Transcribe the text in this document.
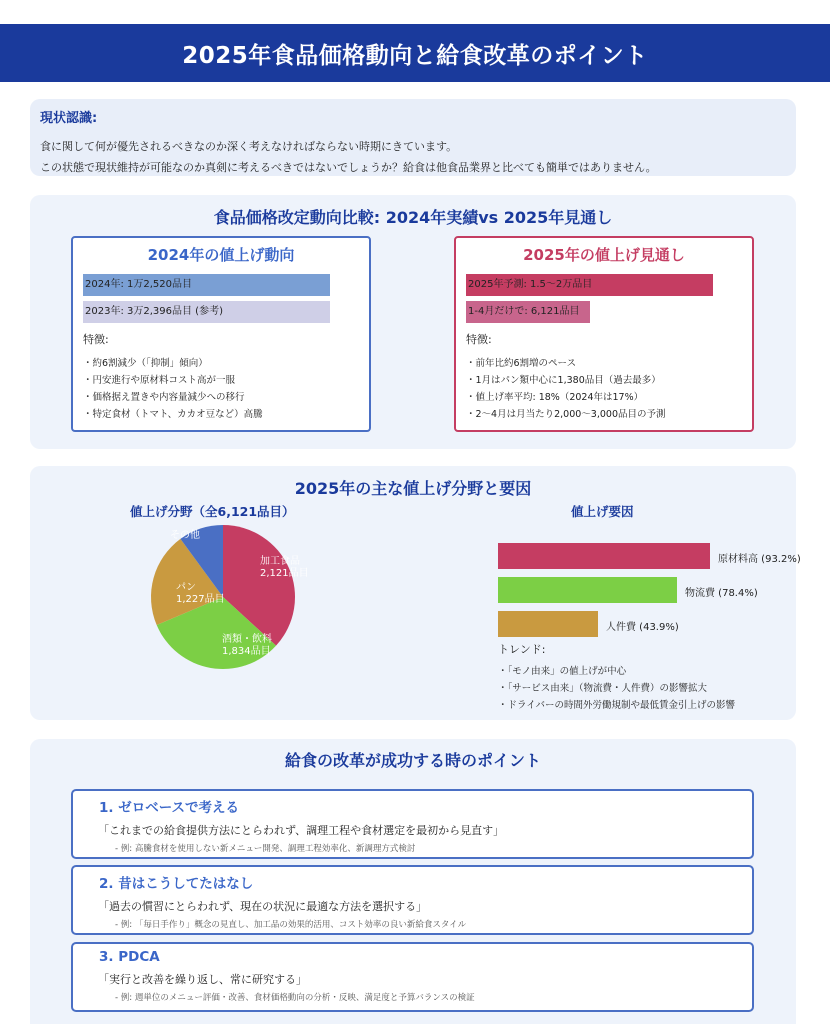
2025年食品価格動向と給食改革のポイント
現状認識:

食に関して何が優先されるべきなのか深く考えなければならない時期にきています。

この状態で現状維持が可能なのか真剣に考えるべきではないでしょうか？給食は他食品業界と比べても簡単ではありません。

食品価格改定動向比較: 2024年実績vs 2025年見通し
2024年の値上げ動向
2024年: 1万2,520品目
2023年: 3万2,396品目 (参考)
特徴:
・約6割減少（「抑制」傾向）
・円安進行や原材料コスト高が一服
・価格据え置きや内容量減少への移行
・特定食材（トマト、カカオ豆など）高騰
2025年の値上げ見通し
2025年予測: 1.5〜2万品目
1-4月だけで: 6,121品目
特徴:
・前年比約6割増のペース
・1月はパン類中心に1,380品目（過去最多）
・値上げ率平均: 18%（2024年は17%）
・2〜4月は月当たり2,000〜3,000品目の予測
2025年の主な値上げ分野と要因
値上げ分野（全6,121品目）	値上げ要因
加工食品
2,121品目
酒類・飲料
1,834品目
パン
1,227品目
その他
原材料高 (93.2%)
物流費 (78.4%)
人件費 (43.9%)
トレンド:
・「モノ由来」の値上げが中心
・「サービス由来」（物流費・人件費）の影響拡大
・ドライバーの時間外労働規制や最低賃金引上げの影響
給食の改革が成功する時のポイント
1. ゼロベースで考える
「これまでの給食提供方法にとらわれず、調理工程や食材選定を最初から見直す」
- 例: 高騰食材を使用しない新メニュー開発、調理工程効率化、新調理方式検討
2. 昔はこうしてたはなし
「過去の慣習にとらわれず、現在の状況に最適な方法を選択する」
- 例: 「毎日手作り」概念の見直し、加工品の効果的活用、コスト効率の良い新給食スタイル
3. PDCA
「実行と改善を繰り返し、常に研究する」
- 例: 週単位のメニュー評価・改善、食材価格動向の分析・反映、満足度と予算バランスの検証
